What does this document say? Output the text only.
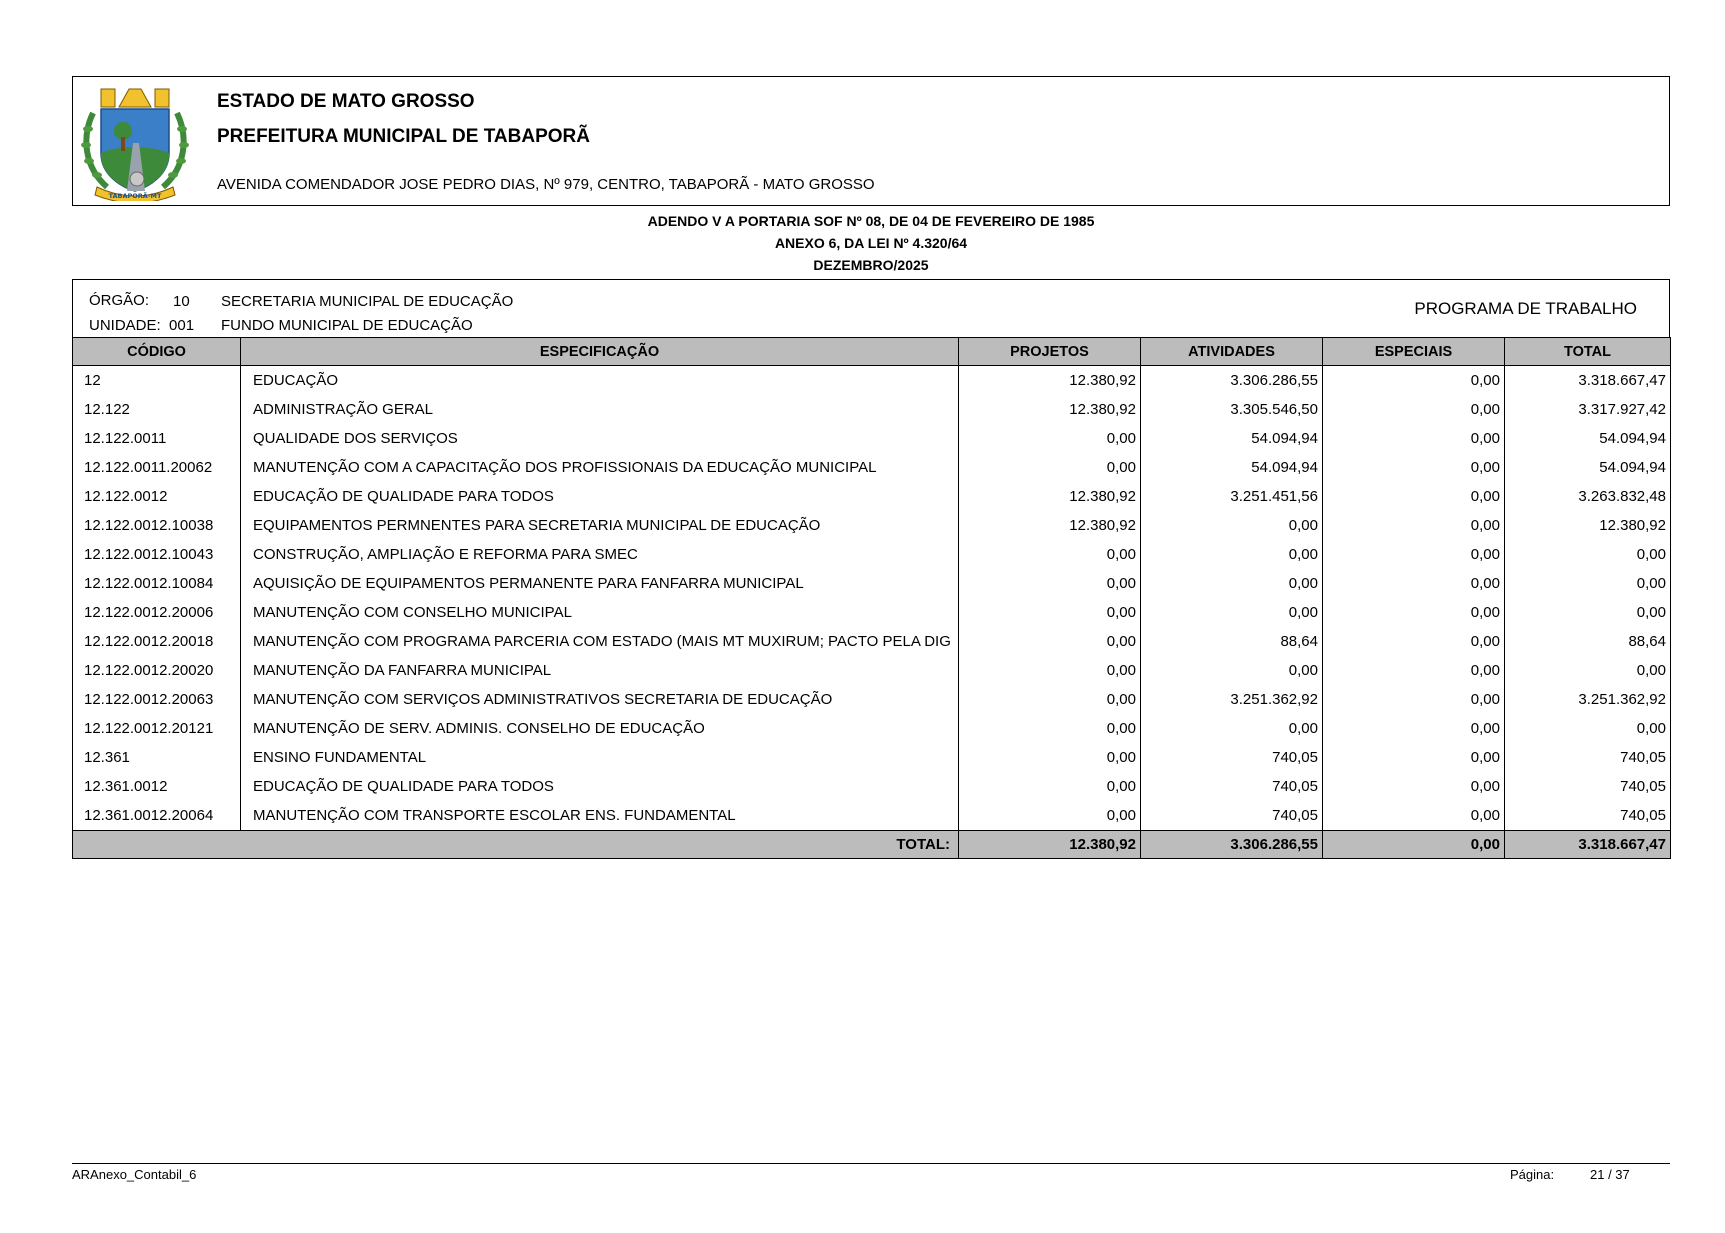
TABAPORÃ-MT
ESTADO DE MATO GROSSO
PREFEITURA MUNICIPAL DE TABAPORÃ
AVENIDA COMENDADOR JOSE PEDRO DIAS, Nº 979, CENTRO, TABAPORÃ - MATO GROSSO
ADENDO V A PORTARIA SOF Nº 08, DE 04 DE FEVEREIRO DE 1985
ANEXO 6, DA LEI Nº 4.320/64
DEZEMBRO/2025
ÓRGÃO: 10 SECRETARIA MUNICIPAL DE EDUCAÇÃO
UNIDADE: 001 FUNDO MUNICIPAL DE EDUCAÇÃO
PROGRAMA DE TRABALHO
CÓDIGO	ESPECIFICAÇÃO	PROJETOS	ATIVIDADES	ESPECIAIS	TOTAL
12	EDUCAÇÃO	12.380,92	3.306.286,55	0,00	3.318.667,47
12.122	ADMINISTRAÇÃO GERAL	12.380,92	3.305.546,50	0,00	3.317.927,42
12.122.0011	QUALIDADE DOS SERVIÇOS	0,00	54.094,94	0,00	54.094,94
12.122.0011.20062	MANUTENÇÃO COM A CAPACITAÇÃO DOS PROFISSIONAIS DA EDUCAÇÃO MUNICIPAL	0,00	54.094,94	0,00	54.094,94
12.122.0012	EDUCAÇÃO DE QUALIDADE PARA TODOS	12.380,92	3.251.451,56	0,00	3.263.832,48
12.122.0012.10038	EQUIPAMENTOS PERMNENTES PARA SECRETARIA MUNICIPAL DE EDUCAÇÃO	12.380,92	0,00	0,00	12.380,92
12.122.0012.10043	CONSTRUÇÃO, AMPLIAÇÃO E REFORMA PARA SMEC	0,00	0,00	0,00	0,00
12.122.0012.10084	AQUISIÇÃO DE EQUIPAMENTOS PERMANENTE PARA FANFARRA MUNICIPAL	0,00	0,00	0,00	0,00
12.122.0012.20006	MANUTENÇÃO COM CONSELHO MUNICIPAL	0,00	0,00	0,00	0,00
12.122.0012.20018	MANUTENÇÃO COM PROGRAMA PARCERIA COM ESTADO (MAIS MT MUXIRUM; PACTO PELA DIG	0,00	88,64	0,00	88,64
12.122.0012.20020	MANUTENÇÃO DA FANFARRA MUNICIPAL	0,00	0,00	0,00	0,00
12.122.0012.20063	MANUTENÇÃO COM SERVIÇOS ADMINISTRATIVOS SECRETARIA DE EDUCAÇÃO	0,00	3.251.362,92	0,00	3.251.362,92
12.122.0012.20121	MANUTENÇÃO DE SERV. ADMINIS. CONSELHO DE EDUCAÇÃO	0,00	0,00	0,00	0,00
12.361	ENSINO FUNDAMENTAL	0,00	740,05	0,00	740,05
12.361.0012	EDUCAÇÃO DE QUALIDADE PARA TODOS	0,00	740,05	0,00	740,05
12.361.0012.20064	MANUTENÇÃO COM TRANSPORTE ESCOLAR ENS. FUNDAMENTAL	0,00	740,05	0,00	740,05
TOTAL:		12.380,92	3.306.286,55	0,00	3.318.667,47
ARAnexo_Contabil_6	Página:	21 / 37
